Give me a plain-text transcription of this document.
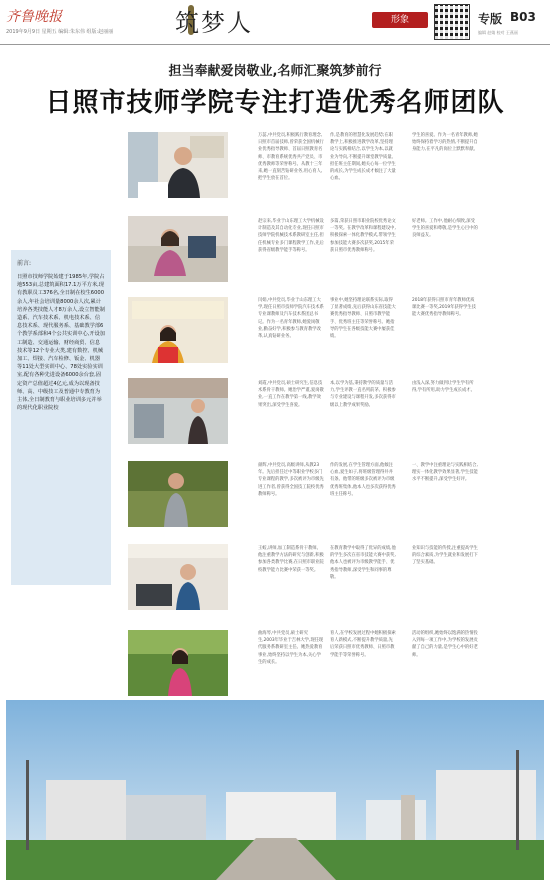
齐鲁晚报
2019年9月9日 星期五 编辑:朱东伟 组版:赵丽丽	筑梦人	形象	专版 B03
编辑 赵婧 校对 王燕丽
担当奉献爱岗敬业,名师汇聚筑梦前行
日照市技师学院专注打造优秀名师团队
前言:
日照市技师学院始建于1985年,学院占地553亩,总建筑面积17.1万平方米,现有教职员工376名,全日制在校生6000余人,年社会培训量8000余人次,累计培养各类技能人才8万余人,设立智能制造系、汽车技术系、机电技术系、信息技术系、现代服务系、基础教学部6个教学系部和4个公共实训中心,开设加工制造、交通运输、财经商贸、信息技术等12个专业大类,建有数控、机械加工、焊接、汽车检修、钣金、机器等11处大型实训中心、78处实验实训室,配有各种先进设备6000余台套,固定资产总值超过4亿元,成为以现备技师、高、中级技工及普通中专教育为主体,全日制教育与职业培训多元并举的现代化职业院校
万蕊,中共党员,积极践行教育理念,日照市首届技师,曾荣获全国机械行业优秀指导教师、首届日照教育名师、市教育系统优秀共产党员、市优秀教师等荣誉称号。从教十三年来,她一直刻苦钻研业务,用心育人,把学生放在首位。
作,是教育的智慧化发展趋势;在职教学上,积极推进教学改革,坚持理论与实践相结合,以学生为本,以就业为导向,不断提升课堂教学质量。担任班主任期间,她关心每一位学生的成长,为学生成长成才倾注了大量心血。
学生的喜爱。作为一名青年教师,她始终保持着学习的热情,不断提升自身能力,在平凡的岗位上默默奉献。
赵宗来,毕业于山东理工大学机械设计制造及其自动化专业,现任日照市技师学院机械技术系教研室主任,担任机械专业多门课程教学工作,先后获得省级教学能手等称号。
多篇,荣获日照市职业院校优秀论文一等奖。在教学改革和课程建设中,积极探索一体化教学模式,带领学生参加技能大赛多次获奖,2015年荣获日照市优秀教师称号。
好老师。工作中,他耐心细致,深受学生的喜爱和尊敬,是学生心目中的良师益友。
闫娟,中共党员,毕业于山东理工大学,现任日照市技师学院汽车技术系专业课教师及汽车技术系团总书记。作为一名青年教师,她爱岗敬业,勤奋好学,积极参与教育教学改革,认真钻研业务。
事业中,她坚持理论联系实际,取得了显著成绩,先后获得山东省技能大赛优秀指导教师、日照市教学能手、优秀班主任等荣誉称号。她指导的学生在各级技能大赛中屡获佳绩。
2018年获得日照市青年教师优质课比赛一等奖,2019年获得学生技能大赛优秀指导教师称号。
刘霞,中共党员,硕士研究生,信息技术系骨干教师。她治学严谨,爱岗敬业,一直工作在教学第一线,教学效果突出,深受学生喜爱。
本,以学为基,秉持教学的质量与活力,学生评教一直名列前茅。积极参与专业建设与课程开发,多次获得市级以上教学成果奖励。
由浅入深,努力做到让学生学有所得,学有所用,助力学生成长成才。
颜辉,中共党员,高级讲师,从教23年。先后担任过中等职业学校多门专业课程的教学,多次被评为市级先进工作者,曾获得全国技工院校优秀教师称号。
作的发展,在学生管理方面,他倾注心血,爱生如子,将班级管理得井井有条。他带的班级多次被评为市级优秀班集体,他本人也多次获得优秀班主任称号。
一、教学中注重理论与实践相结合,理实一体化教学效果显著,学生技能水平不断提升,深受学生好评。
王蛟,讲师,加工制造系骨干教师。他注重教学方法的研究与创新,积极参加各类教学比赛,在日照市职业院校教学能力比赛中荣获一等奖。
在教育教学中取得了优异的成绩,他的学生多次在省市技能大赛中获奖,他本人也被评为市级教学能手、优秀指导教师,深受学生和同事的尊敬。
业知识与技能的传授,注重提高学生的综合素质,为学生就业和发展打下了坚实基础。
曲海琴,中共党员,硕士研究生,2003年毕业于吉林大学,现任现代服务系教研室主任。她热爱教育事业,始终坚持以学生为本,关心学生的成长。
育人,在学校发展过程中她积极探索育人新模式,不断提升教学质量,先后荣获日照市优秀教师、日照市教学能手等荣誉称号。
活动的组织,她始终以饱满的热情投入到每一项工作中,为学校的发展贡献了自己的力量,是学生心中的好老师。
